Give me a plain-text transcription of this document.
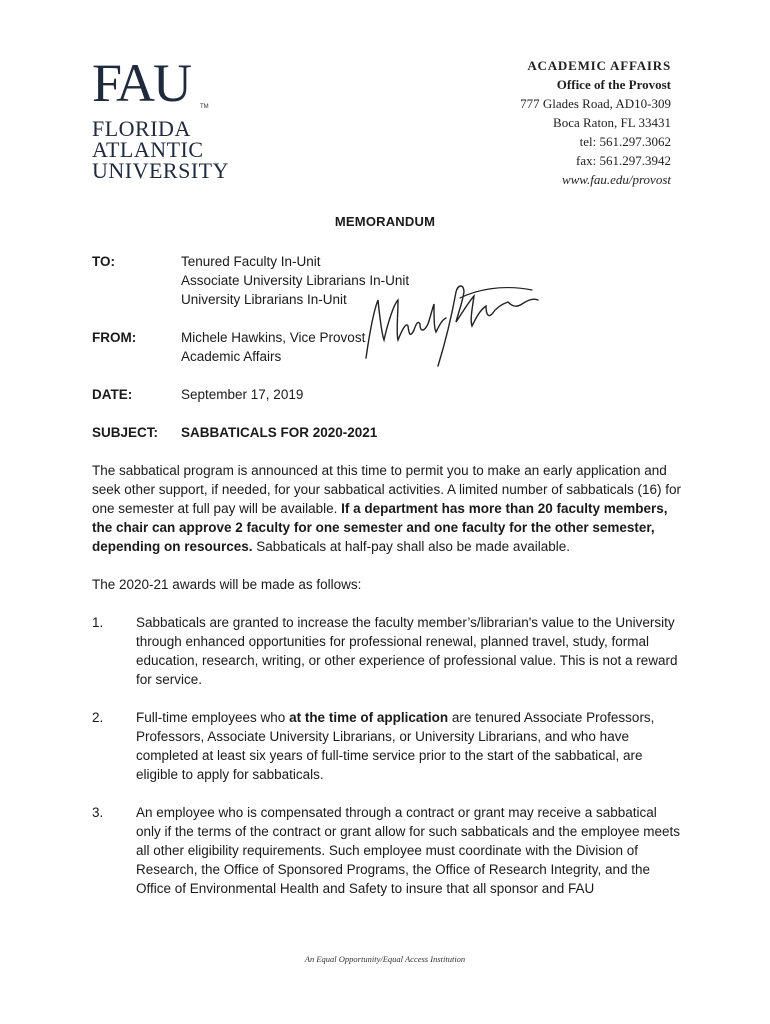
FAU TM
FLORIDA
ATLANTIC
UNIVERSITY
ACADEMIC AFFAIRS
Office of the Provost
777 Glades Road, AD10-309
Boca Raton, FL 33431
tel: 561.297.3062
fax: 561.297.3942
www.fau.edu/provost
MEMORANDUM
TO:	Tenured Faculty In-Unit
Associate University Librarians In-Unit
University Librarians In-Unit
FROM:	Michele Hawkins, Vice Provost
Academic Affairs
DATE:	September 17, 2019
SUBJECT: SABBATICALS FOR 2020-2021
The sabbatical program is announced at this time to permit you to make an early application and seek other support, if needed, for your sabbatical activities. A limited number of sabbaticals (16) for one semester at full pay will be available. If a department has more than 20 faculty members, the chair can approve 2 faculty for one semester and one faculty for the other semester, depending on resources. Sabbaticals at half-pay shall also be made available.
The 2020-21 awards will be made as follows:
1. Sabbaticals are granted to increase the faculty member’s/librarian's value to the University through enhanced opportunities for professional renewal, planned travel, study, formal education, research, writing, or other experience of professional value. This is not a reward for service.
2. Full-time employees who at the time of application are tenured Associate Professors, Professors, Associate University Librarians, or University Librarians, and who have completed at least six years of full-time service prior to the start of the sabbatical, are eligible to apply for sabbaticals.
3. An employee who is compensated through a contract or grant may receive a sabbatical only if the terms of the contract or grant allow for such sabbaticals and the employee meets all other eligibility requirements. Such employee must coordinate with the Division of Research, the Office of Sponsored Programs, the Office of Research Integrity, and the Office of Environmental Health and Safety to insure that all sponsor and FAU
An Equal Opportunity/Equal Access Institution
